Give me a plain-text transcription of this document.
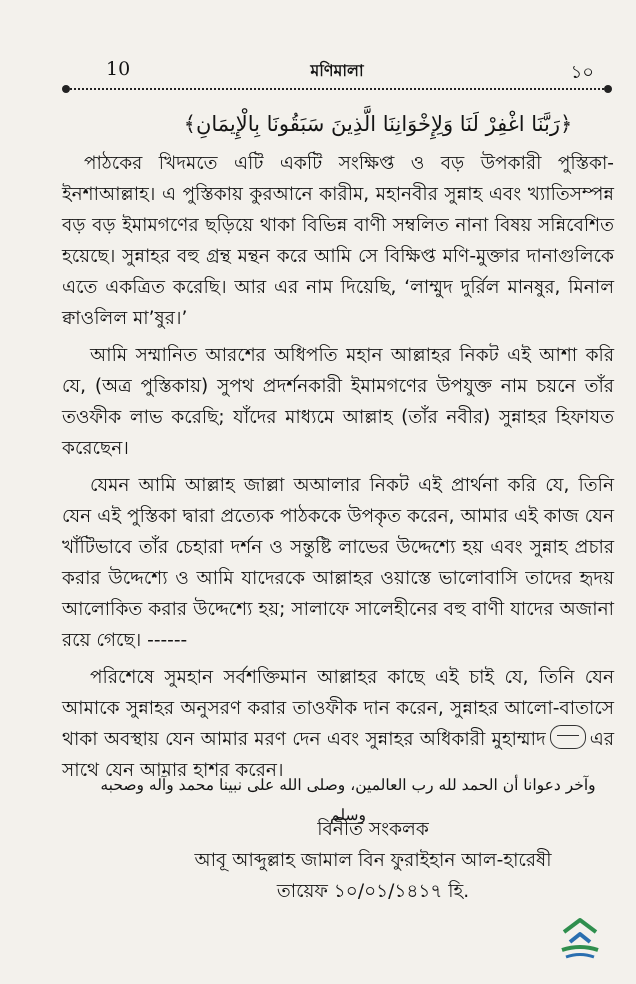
10	মণিমালা	১০
﴿رَبَّنَا اغْفِرْ لَنَا وَلِإِخْوَانِنَا الَّذِينَ سَبَقُونَا بِالْإِيمَانِ﴾

পাঠকের খিদমতে এটি একটি সংক্ষিপ্ত ও বড় উপকারী পুস্তিকা-ইনশাআল্লাহ। এ পুস্তিকায় কুরআনে কারীম, মহানবীর সুন্নাহ এবং খ্যাতিসম্পন্ন বড় বড় ইমামগণের ছড়িয়ে থাকা বিভিন্ন বাণী সম্বলিত নানা বিষয় সন্নিবেশিত হয়েছে। সুন্নাহর বহু গ্রন্থ মন্থন করে আমি সে বিক্ষিপ্ত মণি-মুক্তার দানাগুলিকে এতে একত্রিত করেছি। আর এর নাম দিয়েছি, ‘লাম্মুদ দুর্রিল মানষুর, মিনাল ক্বাওলিল মা’ষুর।’

আমি সম্মানিত আরশের অধিপতি মহান আল্লাহর নিকট এই আশা করি যে, (অত্র পুস্তিকায়) সুপথ প্রদর্শনকারী ইমামগণের উপযুক্ত নাম চয়নে তাঁর তওফীক লাভ করেছি; যাঁদের মাধ্যমে আল্লাহ (তাঁর নবীর) সুন্নাহর হিফাযত করেছেন।

যেমন আমি আল্লাহ জাল্লা অআলার নিকট এই প্রার্থনা করি যে, তিনি যেন এই পুস্তিকা দ্বারা প্রত্যেক পাঠককে উপকৃত করেন, আমার এই কাজ যেন খাঁটিভাবে তাঁর চেহারা দর্শন ও সন্তুষ্টি লাভের উদ্দেশ্যে হয় এবং সুন্নাহ প্রচার করার উদ্দেশ্যে ও আমি যাদেরকে আল্লাহর ওয়াস্তে ভালোবাসি তাদের হৃদয় আলোকিত করার উদ্দেশ্যে হয়; সালাফে সালেহীনের বহু বাণী যাদের অজানা রয়ে গেছে। ------

পরিশেষে সুমহান সর্বশক্তিমান আল্লাহর কাছে এই চাই যে, তিনি যেন আমাকে সুন্নাহর অনুসরণ করার তাওফীক দান করেন, সুন্নাহর আলো-বাতাসে থাকা অবস্থায় যেন আমার মরণ দেন এবং সুন্নাহর অধিকারী মুহাম্মাদ এর সাথে যেন আমার হাশর করেন।

وآخر دعوانا أن الحمد لله رب العالمين، وصلى الله على نبينا محمد وآله وصحبه وسلم
বিনীত সংকলক
আবূ আব্দুল্লাহ জামাল বিন ফুরাইহান আল-হারেষী
তায়েফ ১০/০১/১৪১৭ হি.
